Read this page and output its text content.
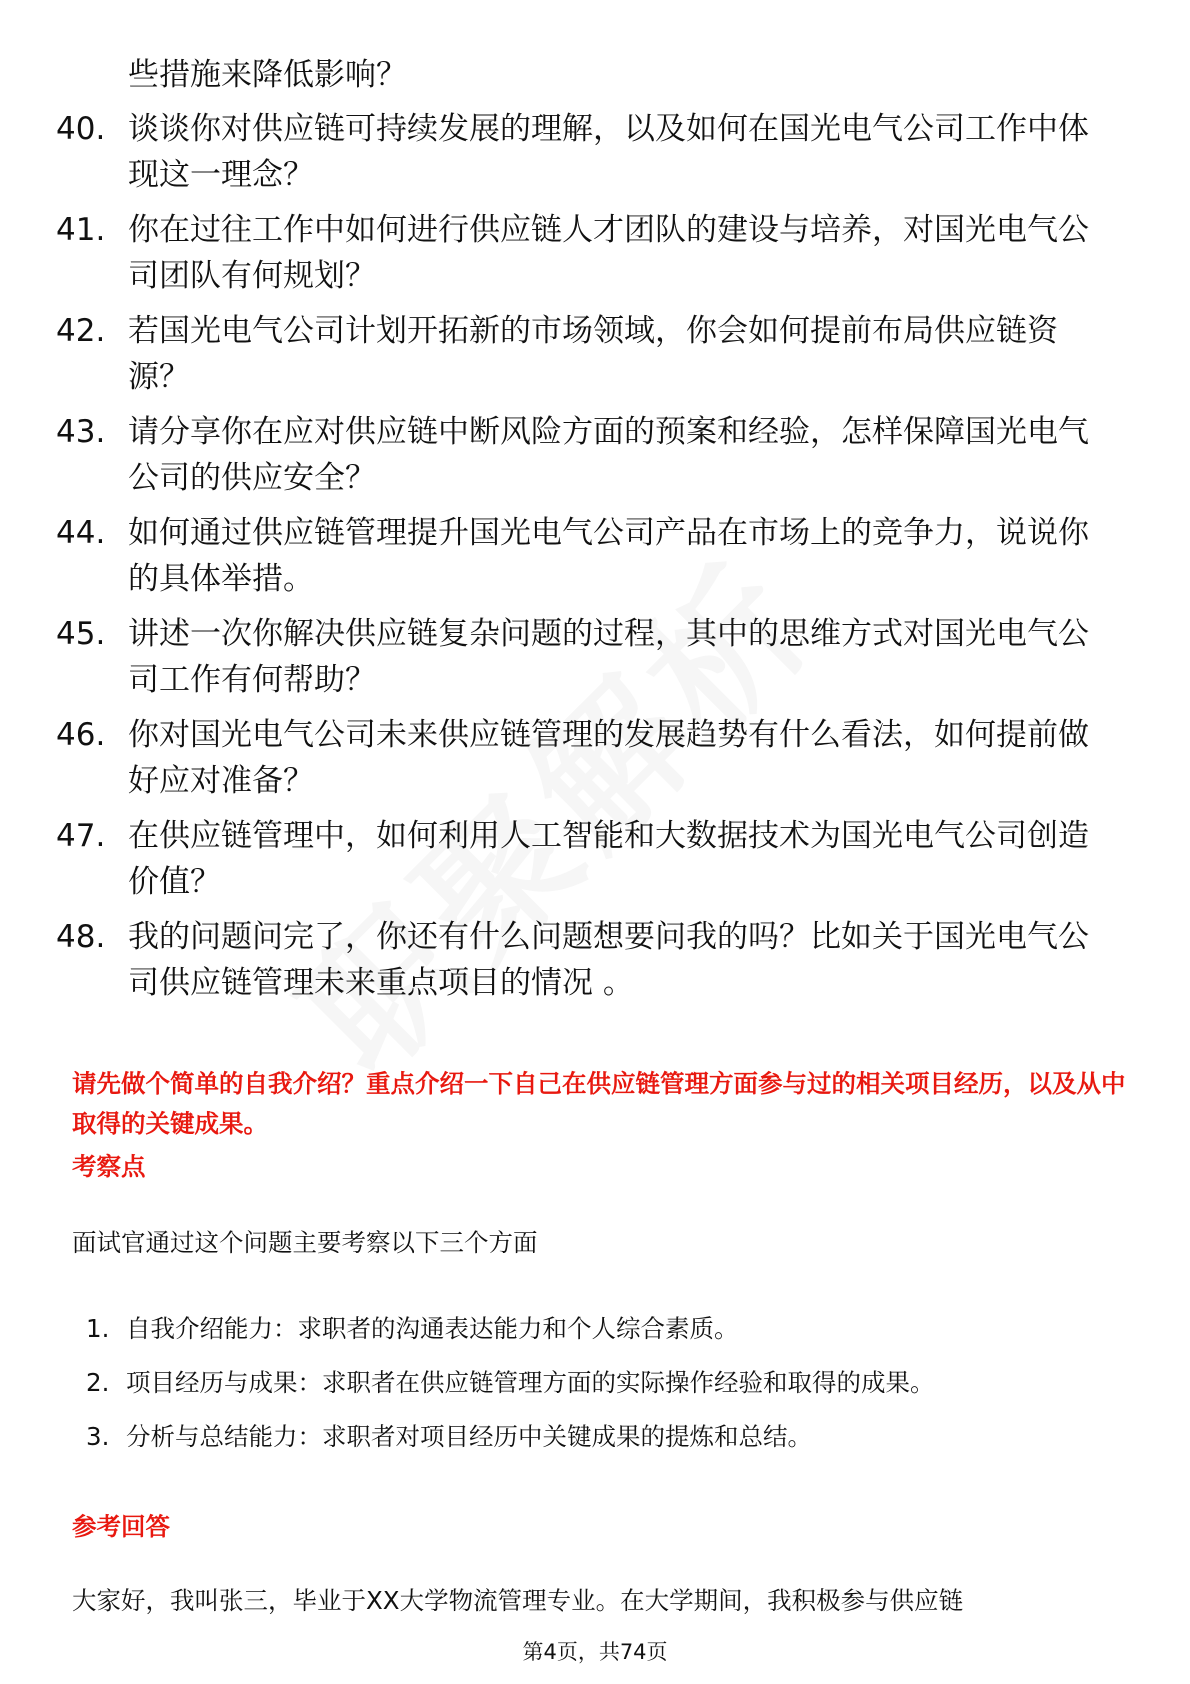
些措施来降低影响？

40. 谈谈你对供应链可持续发展的理解，以及如何在国光电气公司工作中体现这一理念？

41. 你在过往工作中如何进行供应链人才团队的建设与培养，对国光电气公司团队有何规划？

42. 若国光电气公司计划开拓新的市场领域，你会如何提前布局供应链资源？

43. 请分享你在应对供应链中断风险方面的预案和经验，怎样保障国光电气公司的供应安全？

44. 如何通过供应链管理提升国光电气公司产品在市场上的竞争力，说说你的具体举措。

45. 讲述一次你解决供应链复杂问题的过程，其中的思维方式对国光电气公司工作有何帮助？

46. 你对国光电气公司未来供应链管理的发展趋势有什么看法，如何提前做好应对准备？

47. 在供应链管理中，如何利用人工智能和大数据技术为国光电气公司创造价值？

48. 我的问题问完了，你还有什么问题想要问我的吗？比如关于国光电气公司供应链管理未来重点项目的情况 。

请先做个简单的自我介绍？重点介绍一下自己在供应链管理方面参与过的相关项目经历，以及从中取得的关键成果。

考察点

面试官通过这个问题主要考察以下三个方面

1. 自我介绍能力：求职者的沟通表达能力和个人综合素质。
2. 项目经历与成果：求职者在供应链管理方面的实际操作经验和取得的成果。
3. 分析与总结能力：求职者对项目经历中关键成果的提炼和总结。
参考回答

大家好，我叫张三，毕业于XX大学物流管理专业。在大学期间，我积极参与供应链

第4页，共74页
